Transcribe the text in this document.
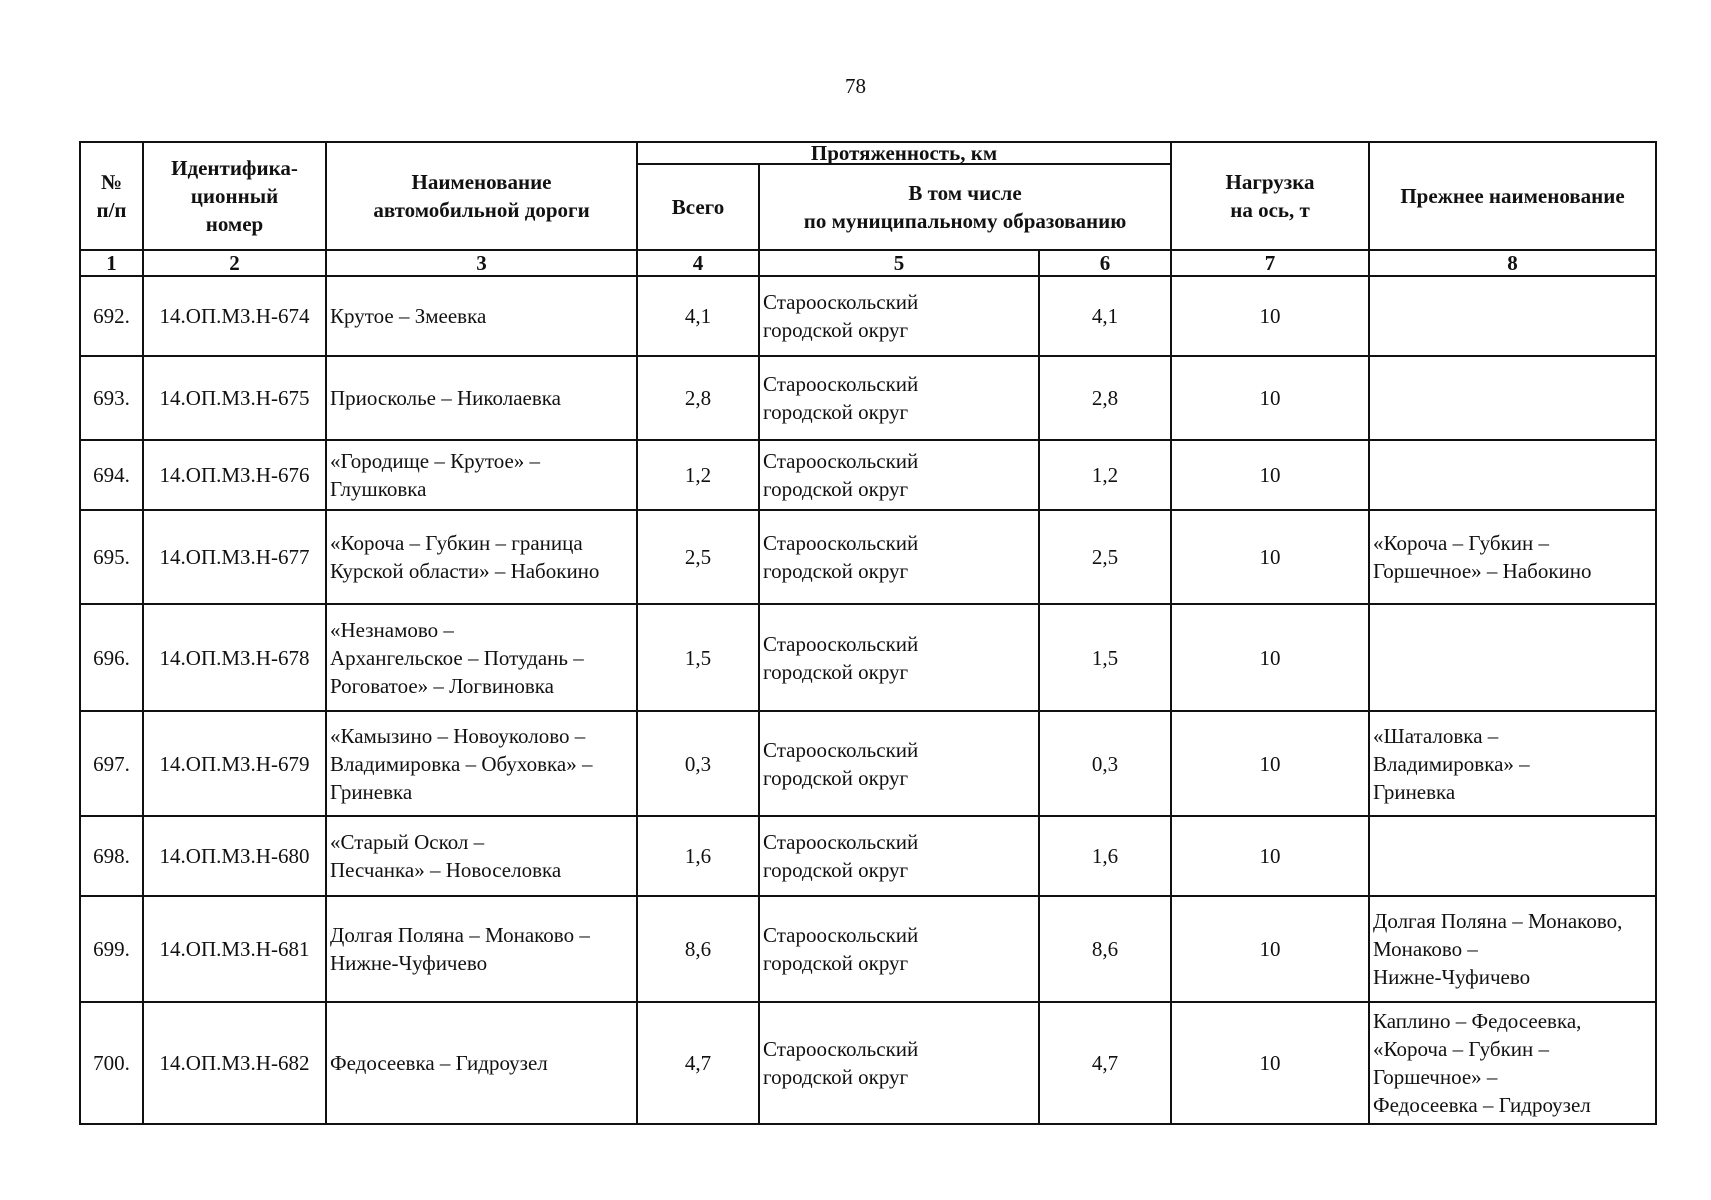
78
№
п/п	Идентифика-
ционный
номер	Наименование
автомобильной дороги	Протяженность, км			Нагрузка
на ось, т	Прежнее наименование
			Всего	В том числе
по муниципальному образованию			
1	2	3	4	5	6	7	8
692.	14.ОП.МЗ.Н-674	Крутое – Змеевка	4,1	Старооскольский
городской округ	4,1	10	
693.	14.ОП.МЗ.Н-675	Приосколье – Николаевка	2,8	Старооскольский
городской округ	2,8	10	
694.	14.ОП.МЗ.Н-676	«Городище – Крутое» –
Глушковка	1,2	Старооскольский
городской округ	1,2	10	
695.	14.ОП.МЗ.Н-677	«Короча – Губкин – граница
Курской области» – Набокино	2,5	Старооскольский
городской округ	2,5	10	«Короча – Губкин –
Горшечное» – Набокино
696.	14.ОП.МЗ.Н-678	«Незнамово –
Архангельское – Потудань –
Роговатое» – Логвиновка	1,5	Старооскольский
городской округ	1,5	10	
697.	14.ОП.МЗ.Н-679	«Камызино – Новоуколово –
Владимировка – Обуховка» –
Гриневка	0,3	Старооскольский
городской округ	0,3	10	«Шаталовка –
Владимировка» –
Гриневка
698.	14.ОП.МЗ.Н-680	«Старый Оскол –
Песчанка» – Новоселовка	1,6	Старооскольский
городской округ	1,6	10	
699.	14.ОП.МЗ.Н-681	Долгая Поляна – Монаково –
Нижне-Чуфичево	8,6	Старооскольский
городской округ	8,6	10	Долгая Поляна – Монаково,
Монаково –
Нижне-Чуфичево
700.	14.ОП.МЗ.Н-682	Федосеевка – Гидроузел	4,7	Старооскольский
городской округ	4,7	10	Каплино – Федосеевка,
«Короча – Губкин –
Горшечное» –
Федосеевка – Гидроузел
